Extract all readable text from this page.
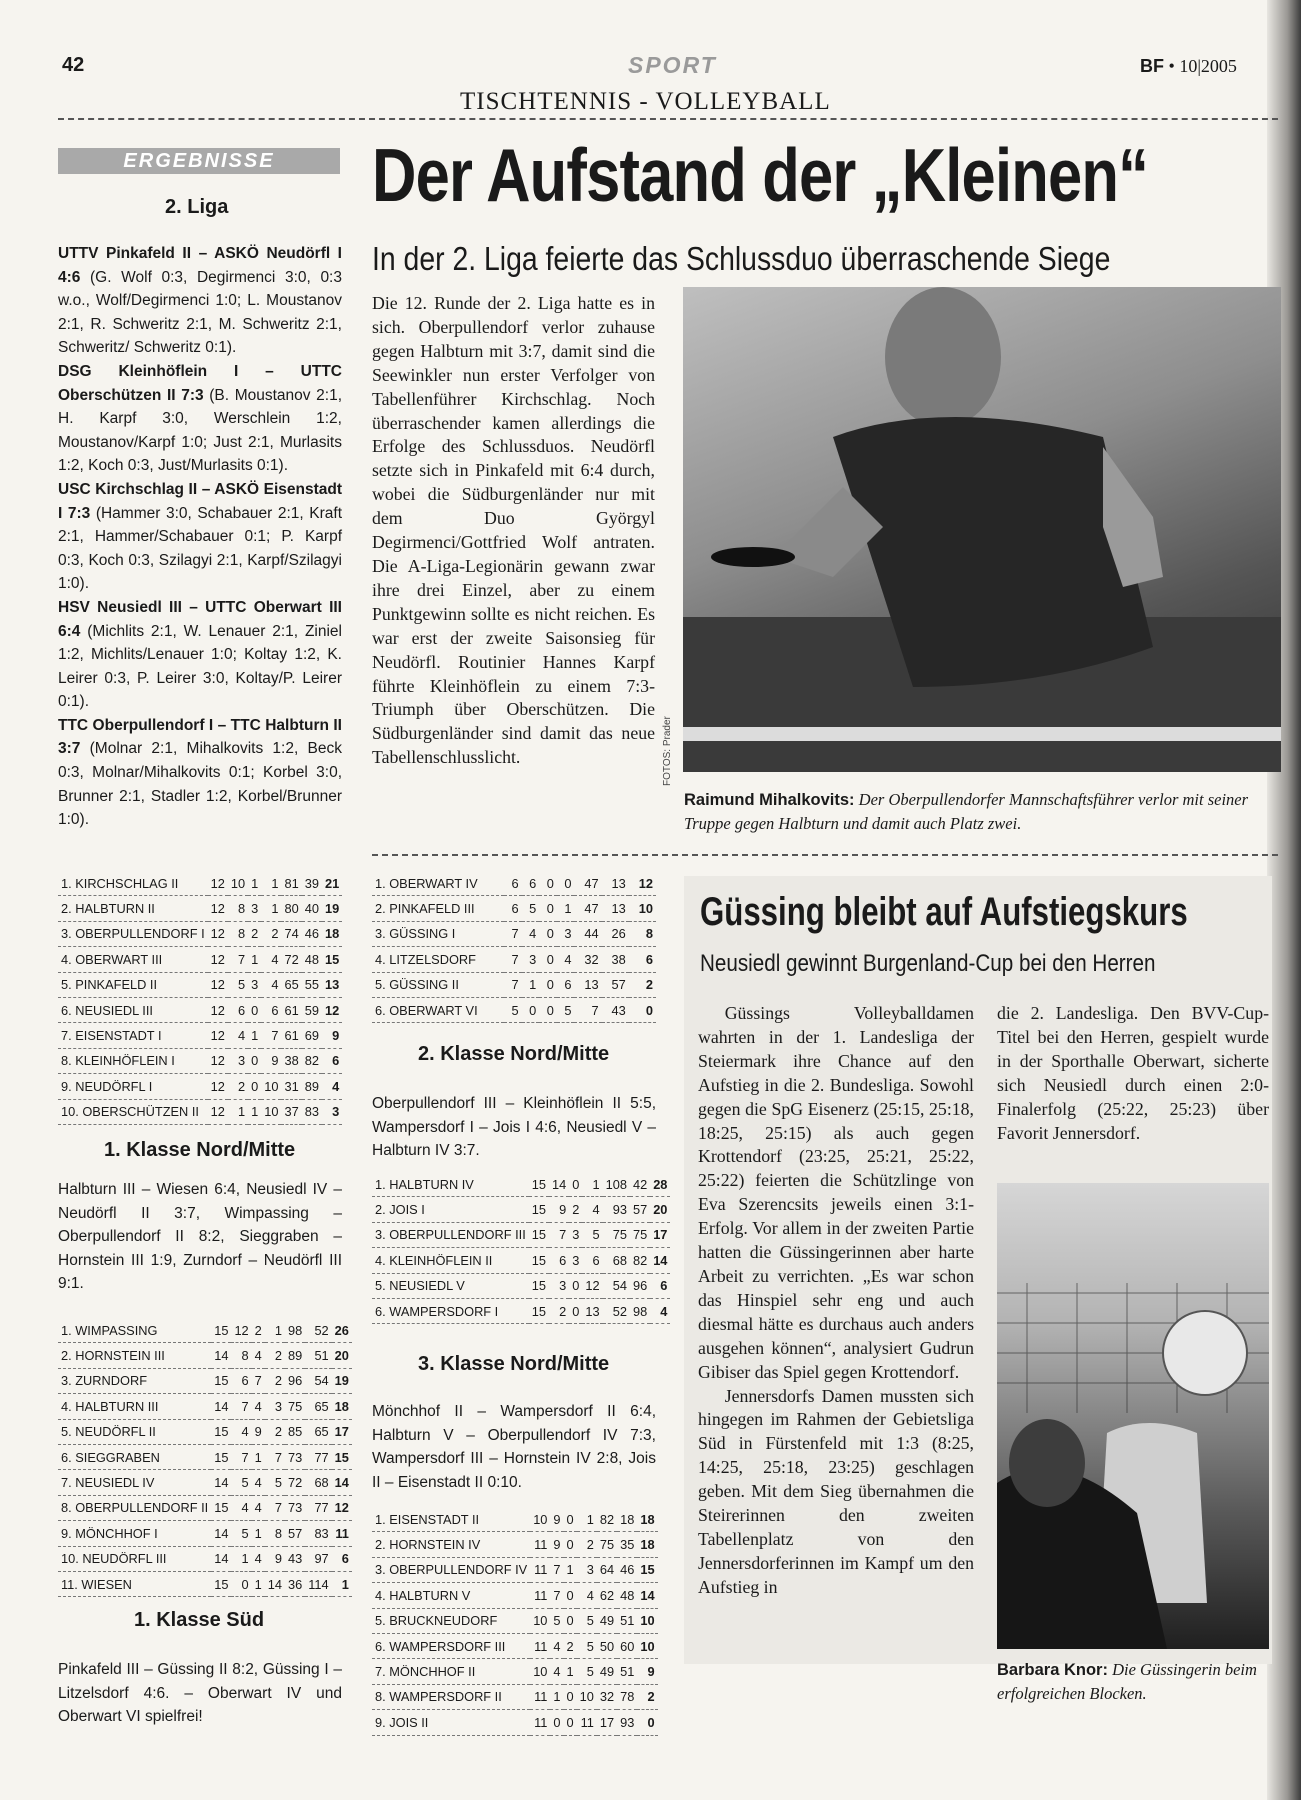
42	SPORT	BF • 10|2005
TISCHTENNIS - VOLLEYBALL
ERGEBNISSE
2. Liga

UTTV Pinkafeld II – ASKÖ Neudörfl I 4:6 (G. Wolf 0:3, Degirmenci 3:0, 0:3 w.o., Wolf/Degirmenci 1:0; L. Moustanov 2:1, R. Schweritz 2:1, M. Schweritz 2:1, Schweritz/ Schweritz 0:1).

DSG Kleinhöflein I – UTTC Oberschützen II 7:3 (B. Moustanov 2:1, H. Karpf 3:0, Werschlein 1:2, Moustanov/Karpf 1:0; Just 2:1, Murlasits 1:2, Koch 0:3, Just/Murlasits 0:1).

USC Kirchschlag II – ASKÖ Eisenstadt I 7:3 (Hammer 3:0, Schabauer 2:1, Kraft 2:1, Hammer/Schabauer 0:1; P. Karpf 0:3, Koch 0:3, Szilagyi 2:1, Karpf/Szilagyi 1:0).

HSV Neusiedl III – UTTC Oberwart III 6:4 (Michlits 2:1, W. Lenauer 2:1, Ziniel 1:2, Michlits/Lenauer 1:0; Koltay 1:2, K. Leirer 0:3, P. Leirer 3:0, Koltay/P. Leirer 0:1).

TTC Oberpullendorf I – TTC Halbturn II 3:7 (Molnar 2:1, Mihalkovits 1:2, Beck 0:3, Molnar/Mihalkovits 0:1; Korbel 3:0, Brunner 2:1, Stadler 1:2, Korbel/Brunner 1:0).

1. KIRCHSCHLAG II	12	10	1	1	81	39	21
2. HALBTURN II	12	8	3	1	80	40	19
3. OBERPULLENDORF I	12	8	2	2	74	46	18
4. OBERWART III	12	7	1	4	72	48	15
5. PINKAFELD II	12	5	3	4	65	55	13
6. NEUSIEDL III	12	6	0	6	61	59	12
7. EISENSTADT I	12	4	1	7	61	69	9
8. KLEINHÖFLEIN I	12	3	0	9	38	82	6
9. NEUDÖRFL I	12	2	0	10	31	89	4
10. OBERSCHÜTZEN II	12	1	1	10	37	83	3
1. Klasse Nord/Mitte
Halbturn III – Wiesen 6:4, Neusiedl IV – Neudörfl II 3:7, Wimpassing – Oberpullendorf II 8:2, Sieggraben – Hornstein III 1:9, Zurndorf – Neudörfl III 9:1.
1. WIMPASSING	15	12	2	1	98	52	26
2. HORNSTEIN III	14	8	4	2	89	51	20
3. ZURNDORF	15	6	7	2	96	54	19
4. HALBTURN III	14	7	4	3	75	65	18
5. NEUDÖRFL II	15	4	9	2	85	65	17
6. SIEGGRABEN	15	7	1	7	73	77	15
7. NEUSIEDL IV	14	5	4	5	72	68	14
8. OBERPULLENDORF II	15	4	4	7	73	77	12
9. MÖNCHHOF I	14	5	1	8	57	83	11
10. NEUDÖRFL III	14	1	4	9	43	97	6
11. WIESEN	15	0	1	14	36	114	1
1. Klasse Süd
Pinkafeld III – Güssing II 8:2, Güssing I – Litzelsdorf 4:6. – Oberwart IV und Oberwart VI spielfrei!
1. OBERWART IV	6	6	0	0	47	13	12
2. PINKAFELD III	6	5	0	1	47	13	10
3. GÜSSING I	7	4	0	3	44	26	8
4. LITZELSDORF	7	3	0	4	32	38	6
5. GÜSSING II	7	1	0	6	13	57	2
6. OBERWART VI	5	0	0	5	7	43	0
2. Klasse Nord/Mitte
Oberpullendorf III – Kleinhöflein II 5:5, Wampersdorf I – Jois I 4:6, Neusiedl V – Halbturn IV 3:7.
1. HALBTURN IV	15	14	0	1	108	42	28
2. JOIS I	15	9	2	4	93	57	20
3. OBERPULLENDORF III	15	7	3	5	75	75	17
4. KLEINHÖFLEIN II	15	6	3	6	68	82	14
5. NEUSIEDL V	15	3	0	12	54	96	6
6. WAMPERSDORF I	15	2	0	13	52	98	4
3. Klasse Nord/Mitte
Mönchhof II – Wampersdorf II 6:4, Halbturn V – Oberpullendorf IV 7:3, Wampersdorf III – Hornstein IV 2:8, Jois II – Eisenstadt II 0:10.
1. EISENSTADT II	10	9	0	1	82	18	18
2. HORNSTEIN IV	11	9	0	2	75	35	18
3. OBERPULLENDORF IV	11	7	1	3	64	46	15
4. HALBTURN V	11	7	0	4	62	48	14
5. BRUCKNEUDORF	10	5	0	5	49	51	10
6. WAMPERSDORF III	11	4	2	5	50	60	10
7. MÖNCHHOF II	10	4	1	5	49	51	9
8. WAMPERSDORF II	11	1	0	10	32	78	2
9. JOIS II	11	0	0	11	17	93	0
Der Aufstand der „Kleinen“
In der 2. Liga feierte das Schlussduo überraschende Siege
Die 12. Runde der 2. Liga hatte es in sich. Oberpullendorf verlor zuhause gegen Halbturn mit 3:7, damit sind die Seewinkler nun erster Verfolger von Tabellenführer Kirchschlag. Noch überraschender kamen allerdings die Erfolge des Schlussduos. Neudörfl setzte sich in Pinkafeld mit 6:4 durch, wobei die Südburgenländer nur mit dem Duo Györgyl Degirmenci/Gottfried Wolf antraten. Die A-Liga-Legionärin gewann zwar ihre drei Einzel, aber zu einem Punktgewinn sollte es nicht reichen. Es war erst der zweite Saisonsieg für Neudörfl. Routinier Hannes Karpf führte Kleinhöflein zu einem 7:3-Triumph über Oberschützen. Die Südburgenländer sind damit das neue Tabellenschlusslicht.	FOTOS: Prader
Raimund Mihalkovits: Der Oberpullendorfer Mannschaftsführer verlor mit seiner Truppe gegen Halbturn und damit auch Platz zwei.
Güssing bleibt auf Aufstiegskurs
Neusiedl gewinnt Burgenland-Cup bei den Herren

Güssings Volleyballdamen wahrten in der 1. Landesliga der Steiermark ihre Chance auf den Aufstieg in die 2. Bundesliga. Sowohl gegen die SpG Eisenerz (25:15, 25:18, 18:25, 25:15) als auch gegen Krottendorf (23:25, 25:21, 25:22, 25:22) feierten die Schützlinge von Eva Szerencsits jeweils einen 3:1-Erfolg. Vor allem in der zweiten Partie hatten die Güssingerinnen aber harte Arbeit zu verrichten. „Es war schon das Hinspiel sehr eng und auch diesmal hätte es durchaus auch anders ausgehen können“, analysiert Gudrun Gibiser das Spiel gegen Krottendorf.

Jennersdorfs Damen mussten sich hingegen im Rahmen der Gebietsliga Süd in Fürstenfeld mit 1:3 (8:25, 14:25, 25:18, 23:25) geschlagen geben. Mit dem Sieg übernahmen die Steirerinnen den zweiten Tabellenplatz von den Jennersdorferinnen im Kampf um den Aufstieg in

die 2. Landesliga. Den BVV-Cup-Titel bei den Herren, gespielt wurde in der Sporthalle Oberwart, sicherte sich Neusiedl durch einen 2:0-Finalerfolg (25:22, 25:23) über Favorit Jennersdorf.
Barbara Knor: Die Güssingerin beim erfolgreichen Blocken.
